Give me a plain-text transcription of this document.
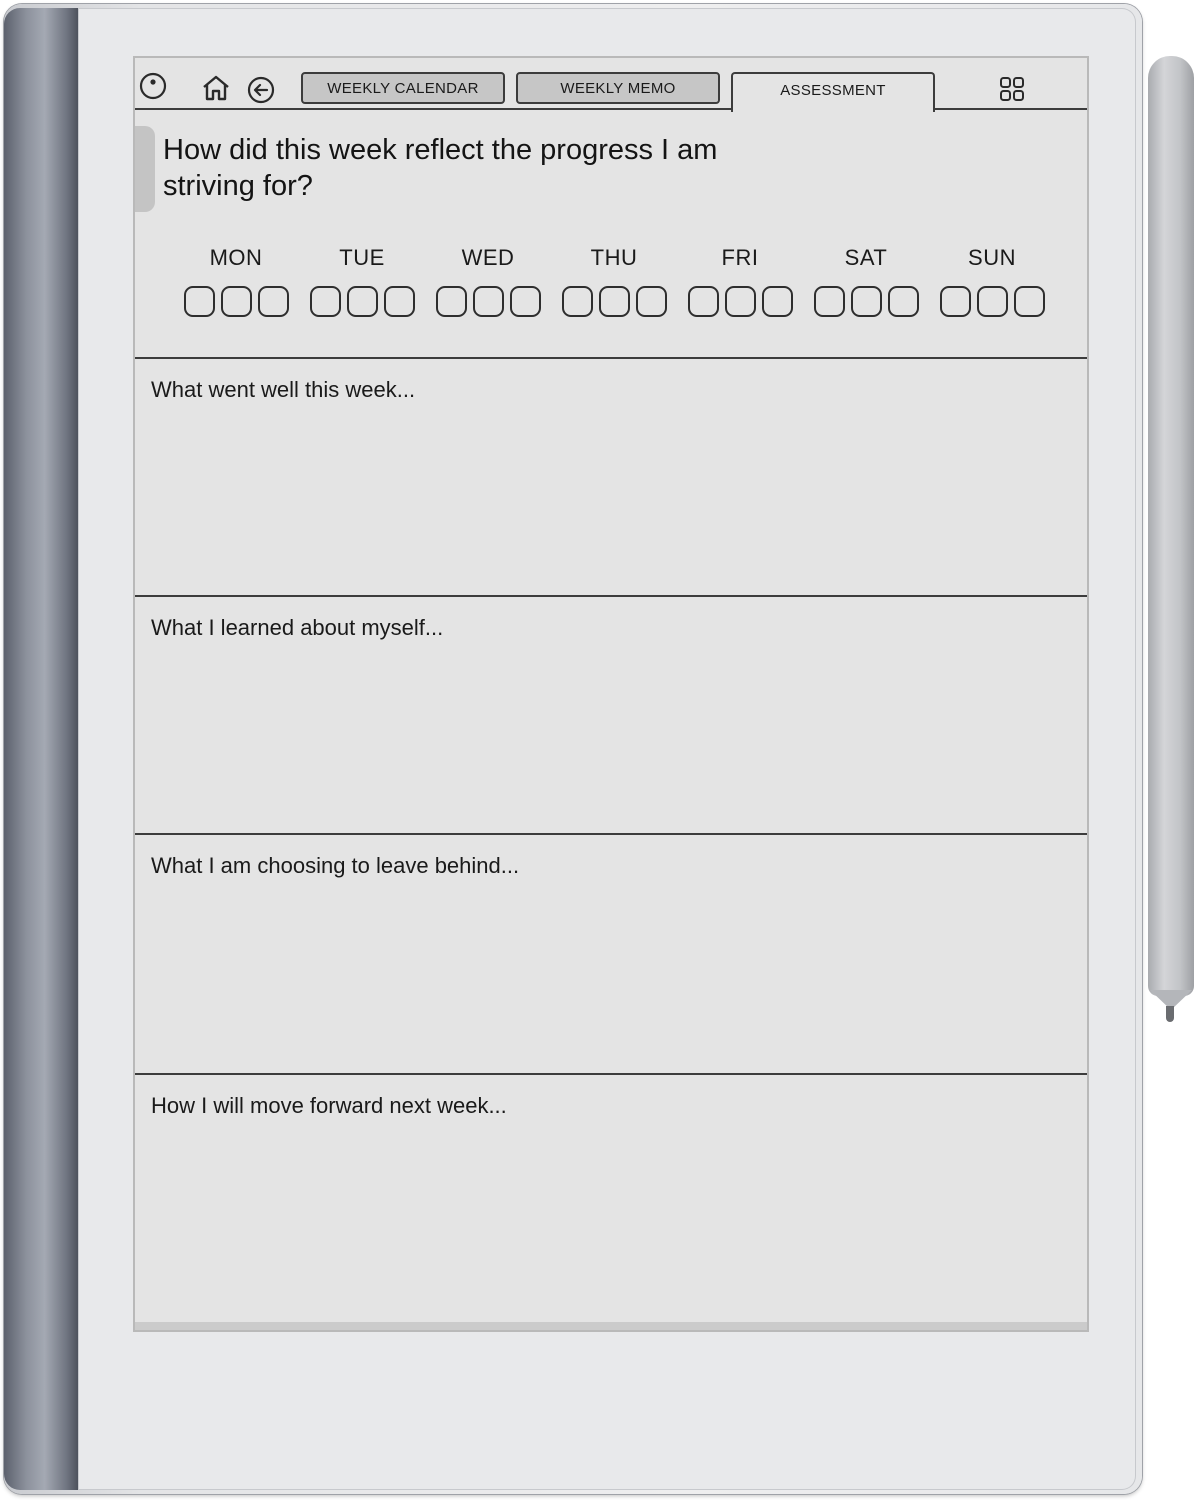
WEEKLY CALENDAR	WEEKLY MEMO	ASSESSMENT
How did this week reflect the progress I am
striving for?
MON	TUE	WED	THU	FRI	SAT	SUN
What went well this week...
What I learned about myself...
What I am choosing to leave behind...
How I will move forward next week...
